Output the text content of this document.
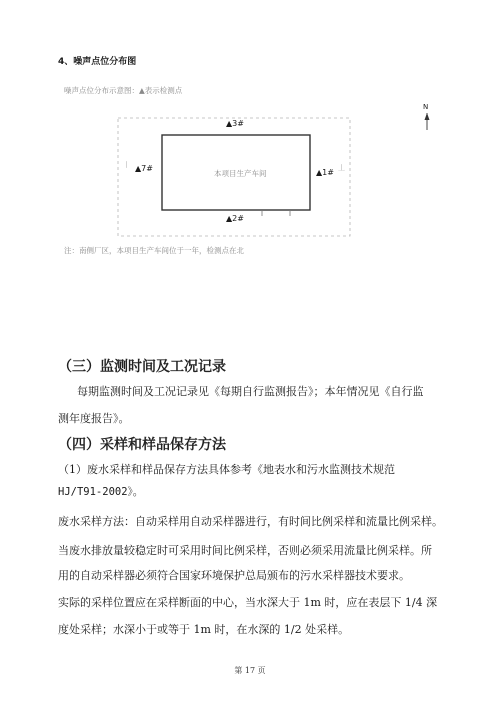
4、噪声点位分布图
噪声点位分布示意图：▲表示检测点
丨	丄
N
▲3#
▲7#	▲1#
▲2#
本项目生产车间
注：南侧厂区，本项目生产车间位于一年，检测点在北
（三）监测时间及工况记录
每期监测时间及工况记录见《每期自行监测报告》；本年情况见《自行监
测年度报告》。
（四）采样和样品保存方法
（1）废水采样和样品保存方法具体参考《地表水和污水监测技术规范
HJ/T91-2002》。
废水采样方法：自动采样用自动采样器进行，有时间比例采样和流量比例采样。
当废水排放量较稳定时可采用时间比例采样，否则必须采用流量比例采样。所
用的自动采样器必须符合国家环境保护总局颁布的污水采样器技术要求。
实际的采样位置应在采样断面的中心，当水深大于 1m 时，应在表层下 1/4 深
度处采样；水深小于或等于 1m 时，在水深的 1/2 处采样。
第 17 页
